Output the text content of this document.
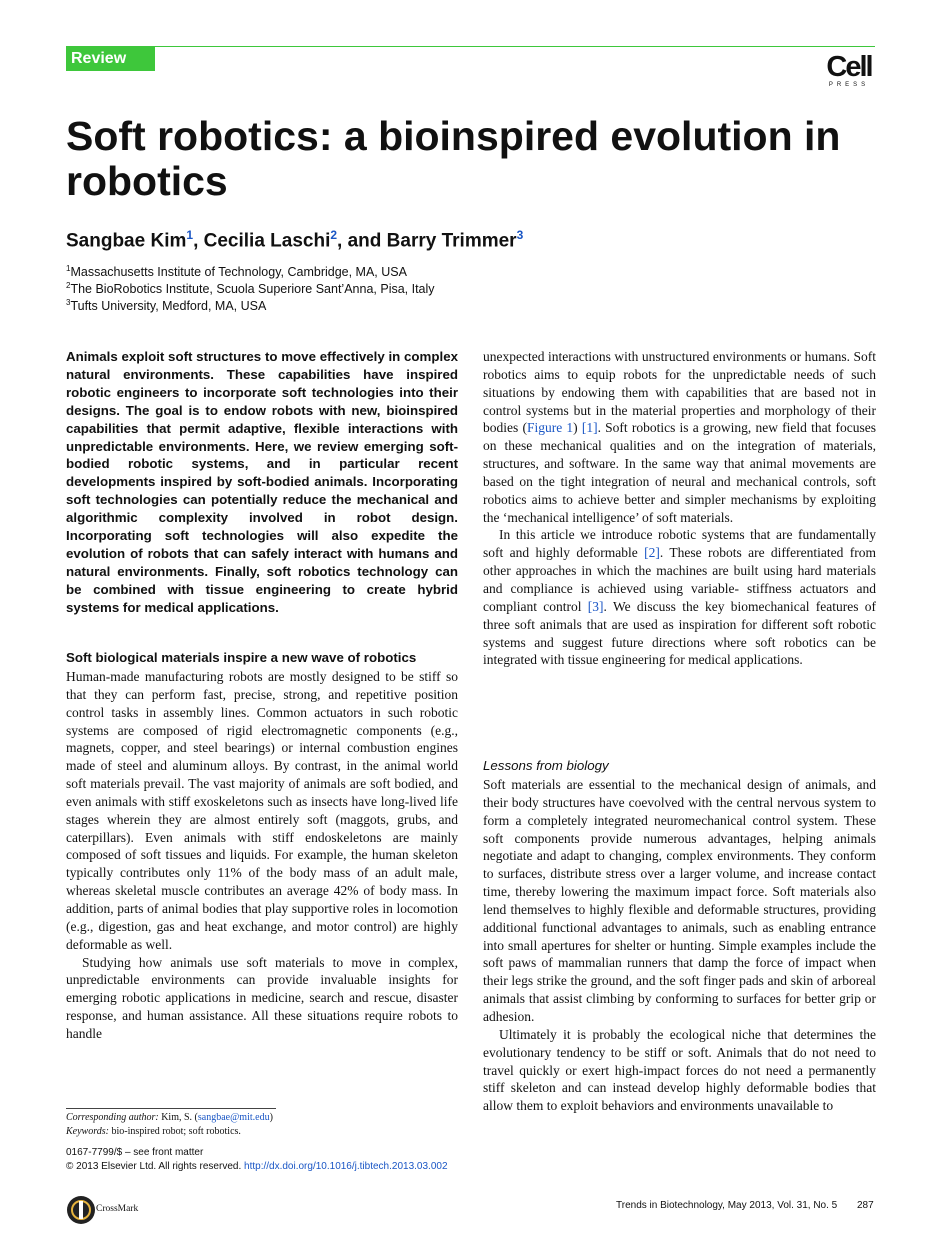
Review	Cell
PRESS
Soft robotics: a bioinspired evolution in robotics
Sangbae Kim$^1$, Cecilia Laschi$^2$, and Barry Trimmer$^3$
$^1$Massachusetts Institute of Technology, Cambridge, MA, USA
$^2$The BioRobotics Institute, Scuola Superiore Sant’Anna, Pisa, Italy
$^3$Tufts University, Medford, MA, USA
Animals exploit soft structures to move effectively in complex natural environments. These capabilities have inspired robotic engineers to incorporate soft technologies into their designs. The goal is to endow robots with new, bioinspired capabilities that permit adaptive, flexible interactions with unpredictable environments. Here, we review emerging soft-bodied robotic systems, and in particular recent developments inspired by soft-bodied animals. Incorporating soft technologies can potentially reduce the mechanical and algorithmic complexity involved in robot design. Incorporating soft technologies will also expedite the evolution of robots that can safely interact with humans and natural environments. Finally, soft robotics technology can be combined with tissue engineering to create hybrid systems for medical applications.
Soft biological materials inspire a new wave of robotics

Human-made manufacturing robots are mostly designed to be stiff so that they can perform fast, precise, strong, and repetitive position control tasks in assembly lines. Common actuators in such robotic systems are composed of rigid electromagnetic components (e.g., magnets, copper, and steel bearings) or internal combustion engines made of steel and aluminum alloys. By contrast, in the animal world soft materials prevail. The vast majority of animals are soft bodied, and even animals with stiff exoskeletons such as insects have long-lived life stages wherein they are almost entirely soft (maggots, grubs, and caterpillars). Even animals with stiff endoskeletons are mainly composed of soft tissues and liquids. For example, the human skeleton typically contributes only 11% of the body mass of an adult male, whereas skeletal muscle contributes an average 42% of body mass. In addition, parts of animal bodies that play supportive roles in locomotion (e.g., digestion, gas and heat exchange, and motor control) are highly deformable as well.

Studying how animals use soft materials to move in complex, unpredictable environments can provide invaluable insights for emerging robotic applications in medicine, search and rescue, disaster response, and human assistance. All these situations require robots to handle

unexpected interactions with unstructured environments or humans. Soft robotics aims to equip robots for the unpredictable needs of such situations by endowing them with capabilities that are based not in control systems but in the material properties and morphology of their bodies (Figure 1) [1]. Soft robotics is a growing, new field that focuses on these mechanical qualities and on the integration of materials, structures, and software. In the same way that animal movements are based on the tight integration of neural and mechanical controls, soft robotics aims to achieve better and simpler mechanisms by exploiting the ‘mechanical intelligence’ of soft materials.

In this article we introduce robotic systems that are fundamentally soft and highly deformable [2]. These robots are differentiated from other approaches in which the machines are built using hard materials and compliance is achieved using variable- stiffness actuators and compliant control [3]. We discuss the key biomechanical features of three soft animals that are used as inspiration for different soft robotic systems and suggest future directions where soft robotics can be integrated with tissue engineering for medical applications.

Lessons from biology

Soft materials are essential to the mechanical design of animals, and their body structures have coevolved with the central nervous system to form a completely integrated neuromechanical control system. These soft components provide numerous advantages, helping animals negotiate and adapt to changing, complex environments. They conform to surfaces, distribute stress over a larger volume, and increase contact time, thereby lowering the maximum impact force. Soft materials also lend themselves to highly flexible and deformable structures, providing additional functional advantages to animals, such as enabling entrance into small apertures for shelter or hunting. Simple examples include the soft paws of mammalian runners that damp the force of impact when their legs strike the ground, and the soft finger pads and skin of arboreal animals that assist climbing by conforming to surfaces for better grip or adhesion.

Ultimately it is probably the ecological niche that determines the evolutionary tendency to be stiff or soft. Animals that do not need to travel quickly or exert high-impact forces do not need a permanently stiff skeleton and can instead develop highly deformable bodies that allow them to exploit behaviors and environments unavailable to

Corresponding author: Kim, S. (sangbae@mit.edu)
Keywords: bio-inspired robot; soft robotics.
0167-7799/$ – see front matter
© 2013 Elsevier Ltd. All rights reserved. http://dx.doi.org/10.1016/j.tibtech.2013.03.002
CrossMark	Trends in Biotechnology, May 2013, Vol. 31, No. 5 287
